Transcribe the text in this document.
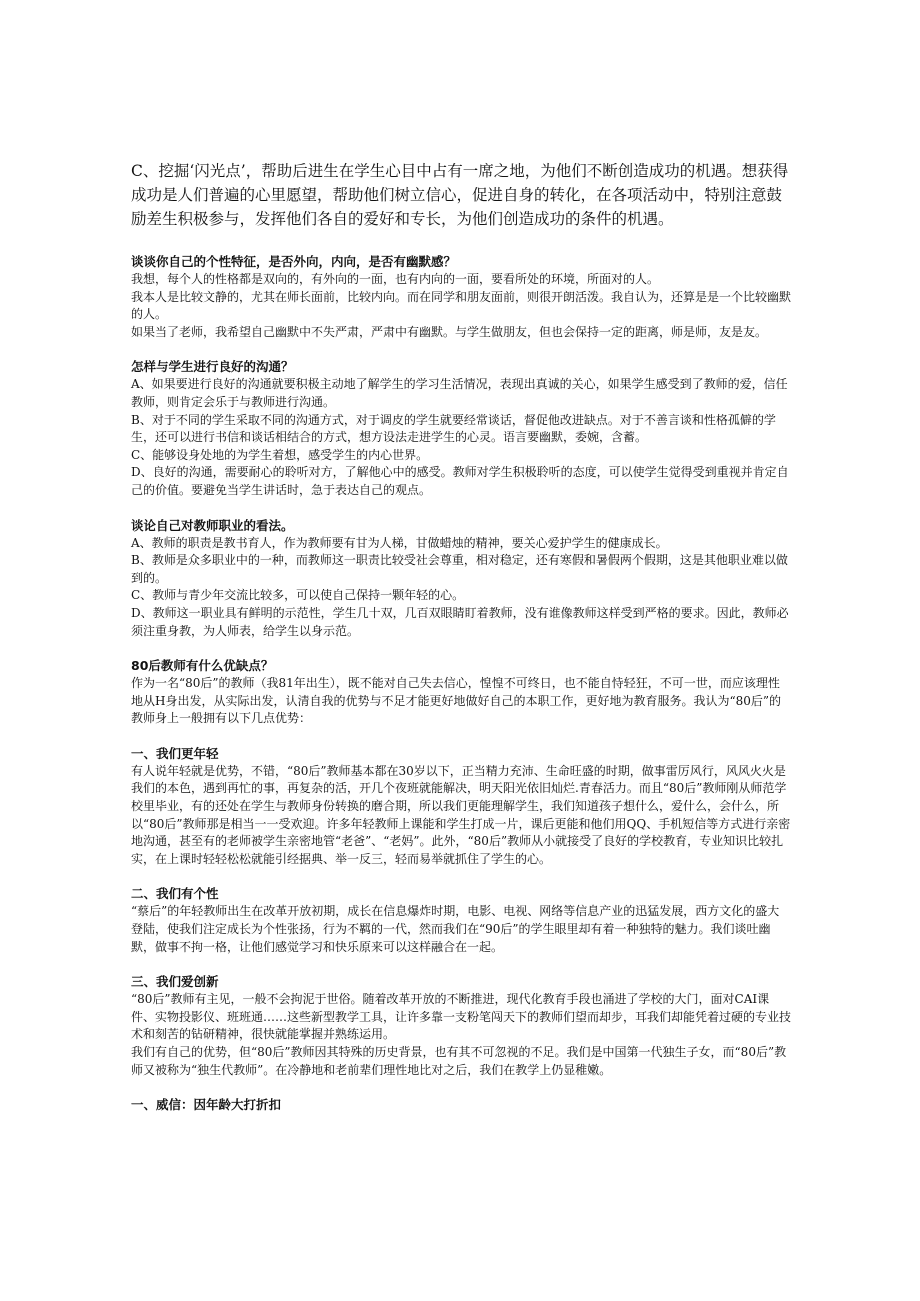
C、挖掘‘闪光点’，帮助后进生在学生心目中占有一席之地，为他们不断创造成功的机遇。想获得成功是人们普遍的心里愿望，帮助他们树立信心，促进自身的转化，在各项活动中，特别注意鼓励差生积极参与，发挥他们各自的爱好和专长，为他们创造成功的条件的机遇。

谈谈你自己的个性特征，是否外向，内向，是否有幽默感？

我想，每个人的性格都是双向的，有外向的一面，也有内向的一面，要看所处的环境，所面对的人。

我本人是比较文静的，尤其在师长面前，比较内向。而在同学和朋友面前，则很开朗活泼。我自认为，还算是是一个比较幽默的人。

如果当了老师，我希望自己幽默中不失严肃，严肃中有幽默。与学生做朋友，但也会保持一定的距离，师是师，友是友。

怎样与学生进行良好的沟通？

A、如果要进行良好的沟通就要积极主动地了解学生的学习生活情况，表现出真诚的关心，如果学生感受到了教师的爱，信任教师，则肯定会乐于与教师进行沟通。

B、对于不同的学生采取不同的沟通方式，对于调皮的学生就要经常谈话，督促他改进缺点。对于不善言谈和性格孤僻的学生，还可以进行书信和谈话相结合的方式，想方设法走进学生的心灵。语言要幽默，委婉，含蓄。

C、能够设身处地的为学生着想，感受学生的内心世界。

D、良好的沟通，需要耐心的聆听对方，了解他心中的感受。教师对学生积极聆听的态度，可以使学生觉得受到重视并肯定自己的价值。要避免当学生讲话时，急于表达自己的观点。

谈论自己对教师职业的看法。

A、教师的职责是教书育人，作为教师要有甘为人梯，甘做蜡烛的精神，要关心爱护学生的健康成长。

B、教师是众多职业中的一种，而教师这一职责比较受社会尊重，相对稳定，还有寒假和暑假两个假期，这是其他职业难以做到的。

C、教师与青少年交流比较多，可以使自己保持一颗年轻的心。

D、教师这一职业具有鲜明的示范性，学生几十双，几百双眼睛盯着教师，没有谁像教师这样受到严格的要求。因此，教师必须注重身教，为人师表，给学生以身示范。

80后教师有什么优缺点？

作为一名“80后”的教师（我81年出生），既不能对自己失去信心，惶惶不可终日，也不能自恃轻狂，不可一世，而应该理性地从H身出发，从实际出发，认清自我的优势与不足才能更好地做好自己的本职工作，更好地为教育服务。我认为“80后”的教师身上一般拥有以下几点优势：

一、我们更年轻

有人说年轻就是优势，不错，“80后”教师基本都在30岁以下，正当精力充沛、生命旺盛的时期，做事雷厉风行，风风火火是我们的本色，遇到再忙的事，再复杂的活，开几个夜班就能解决，明天阳光依旧灿烂.青春活力。而且“80后”教师刚从师范学校里毕业，有的还处在学生与教师身份转换的磨合期，所以我们更能理解学生，我们知道孩子想什么，爱什么，会什么，所以“80后”教师那是相当一一受欢迎。许多年轻教师上课能和学生打成一片，课后更能和他们用QQ、手机短信等方式进行亲密地沟通，甚至有的老师被学生亲密地管“老爸”、“老妈”。此外，“80后”教师从小就接受了良好的学校教育，专业知识比较扎实，在上课时轻轻松松就能引经据典、举一反三，轻而易举就抓住了学生的心。

二、我们有个性

“蔡后”的年轻教师出生在改革开放初期，成长在信息爆炸时期，电影、电视、网络等信息产业的迅猛发展，西方文化的盛大登陆，使我们注定成长为个性张扬，行为不羁的一代，然而我们在“90后”的学生眼里却有着一种独特的魅力。我们谈吐幽默，做事不拘一格，让他们感觉学习和快乐原来可以这样融合在一起。

三、我们爱创新

“80后”教师有主见，一般不会拘泥于世俗。随着改革开放的不断推进，现代化教育手段也涌进了学校的大门，面对CAI课件、实物投影仪、班班通……这些新型教学工具，让许多靠一支粉笔闯天下的教师们望而却步，耳我们却能凭着过硬的专业技术和刻苦的钻研精神，很快就能掌握并熟练运用。

我们有自己的优势，但“80后”教师因其特殊的历史背景，也有其不可忽视的不足。我们是中国第一代独生子女，而“80后”教师又被称为“独生代教师”。在冷静地和老前辈们理性地比对之后，我们在教学上仍显稚嫩。

一、威信：因年龄大打折扣
